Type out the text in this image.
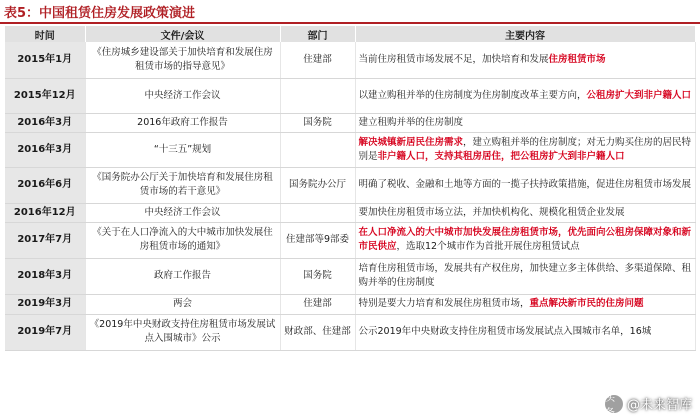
表5：中国租赁住房发展政策演进
时间	文件/会议	部门	主要内容
2015年1月	《住房城乡建设部关于加快培育和发展住房租赁市场的指导意见》	住建部	当前住房租赁市场发展不足，加快培育和发展住房租赁市场
2015年12月	中央经济工作会议		以建立购租并举的住房制度为住房制度改革主要方向，公租房扩大到非户籍人口
2016年3月	2016年政府工作报告	国务院	建立租购并举的住房制度
2016年3月	“十三五”规划		解决城镇新居民住房需求，建立购租并举的住房制度；对无力购买住房的居民特别是非户籍人口，支持其租房居住，把公租房扩大到非户籍人口
2016年6月	《国务院办公厅关于加快培育和发展住房租赁市场的若干意见》	国务院办公厅	明确了税收、金融和土地等方面的一揽子扶持政策措施，促进住房租赁市场发展
2016年12月	中央经济工作会议		要加快住房租赁市场立法，并加快机构化、规模化租赁企业发展
2017年7月	《关于在人口净流入的大中城市加快发展住房租赁市场的通知》	住建部等9部委	在人口净流入的大中城市加快发展住房租赁市场，优先面向公租房保障对象和新市民供应，选取12个城市作为首批开展住房租赁试点
2018年3月	政府工作报告	国务院	培育住房租赁市场，发展共有产权住房，加快建立多主体供给、多渠道保障、租购并举的住房制度
2019年3月	两会	住建部	特别是要大力培育和发展住房租赁市场，重点解决新市民的住房问题
2019年7月	《2019年中央财政支持住房租赁市场发展试点入围城市》公示	财政部、住建部	公示2019年中央财政支持住房租赁市场发展试点入围城市名单，16城
头条 @未来智库
